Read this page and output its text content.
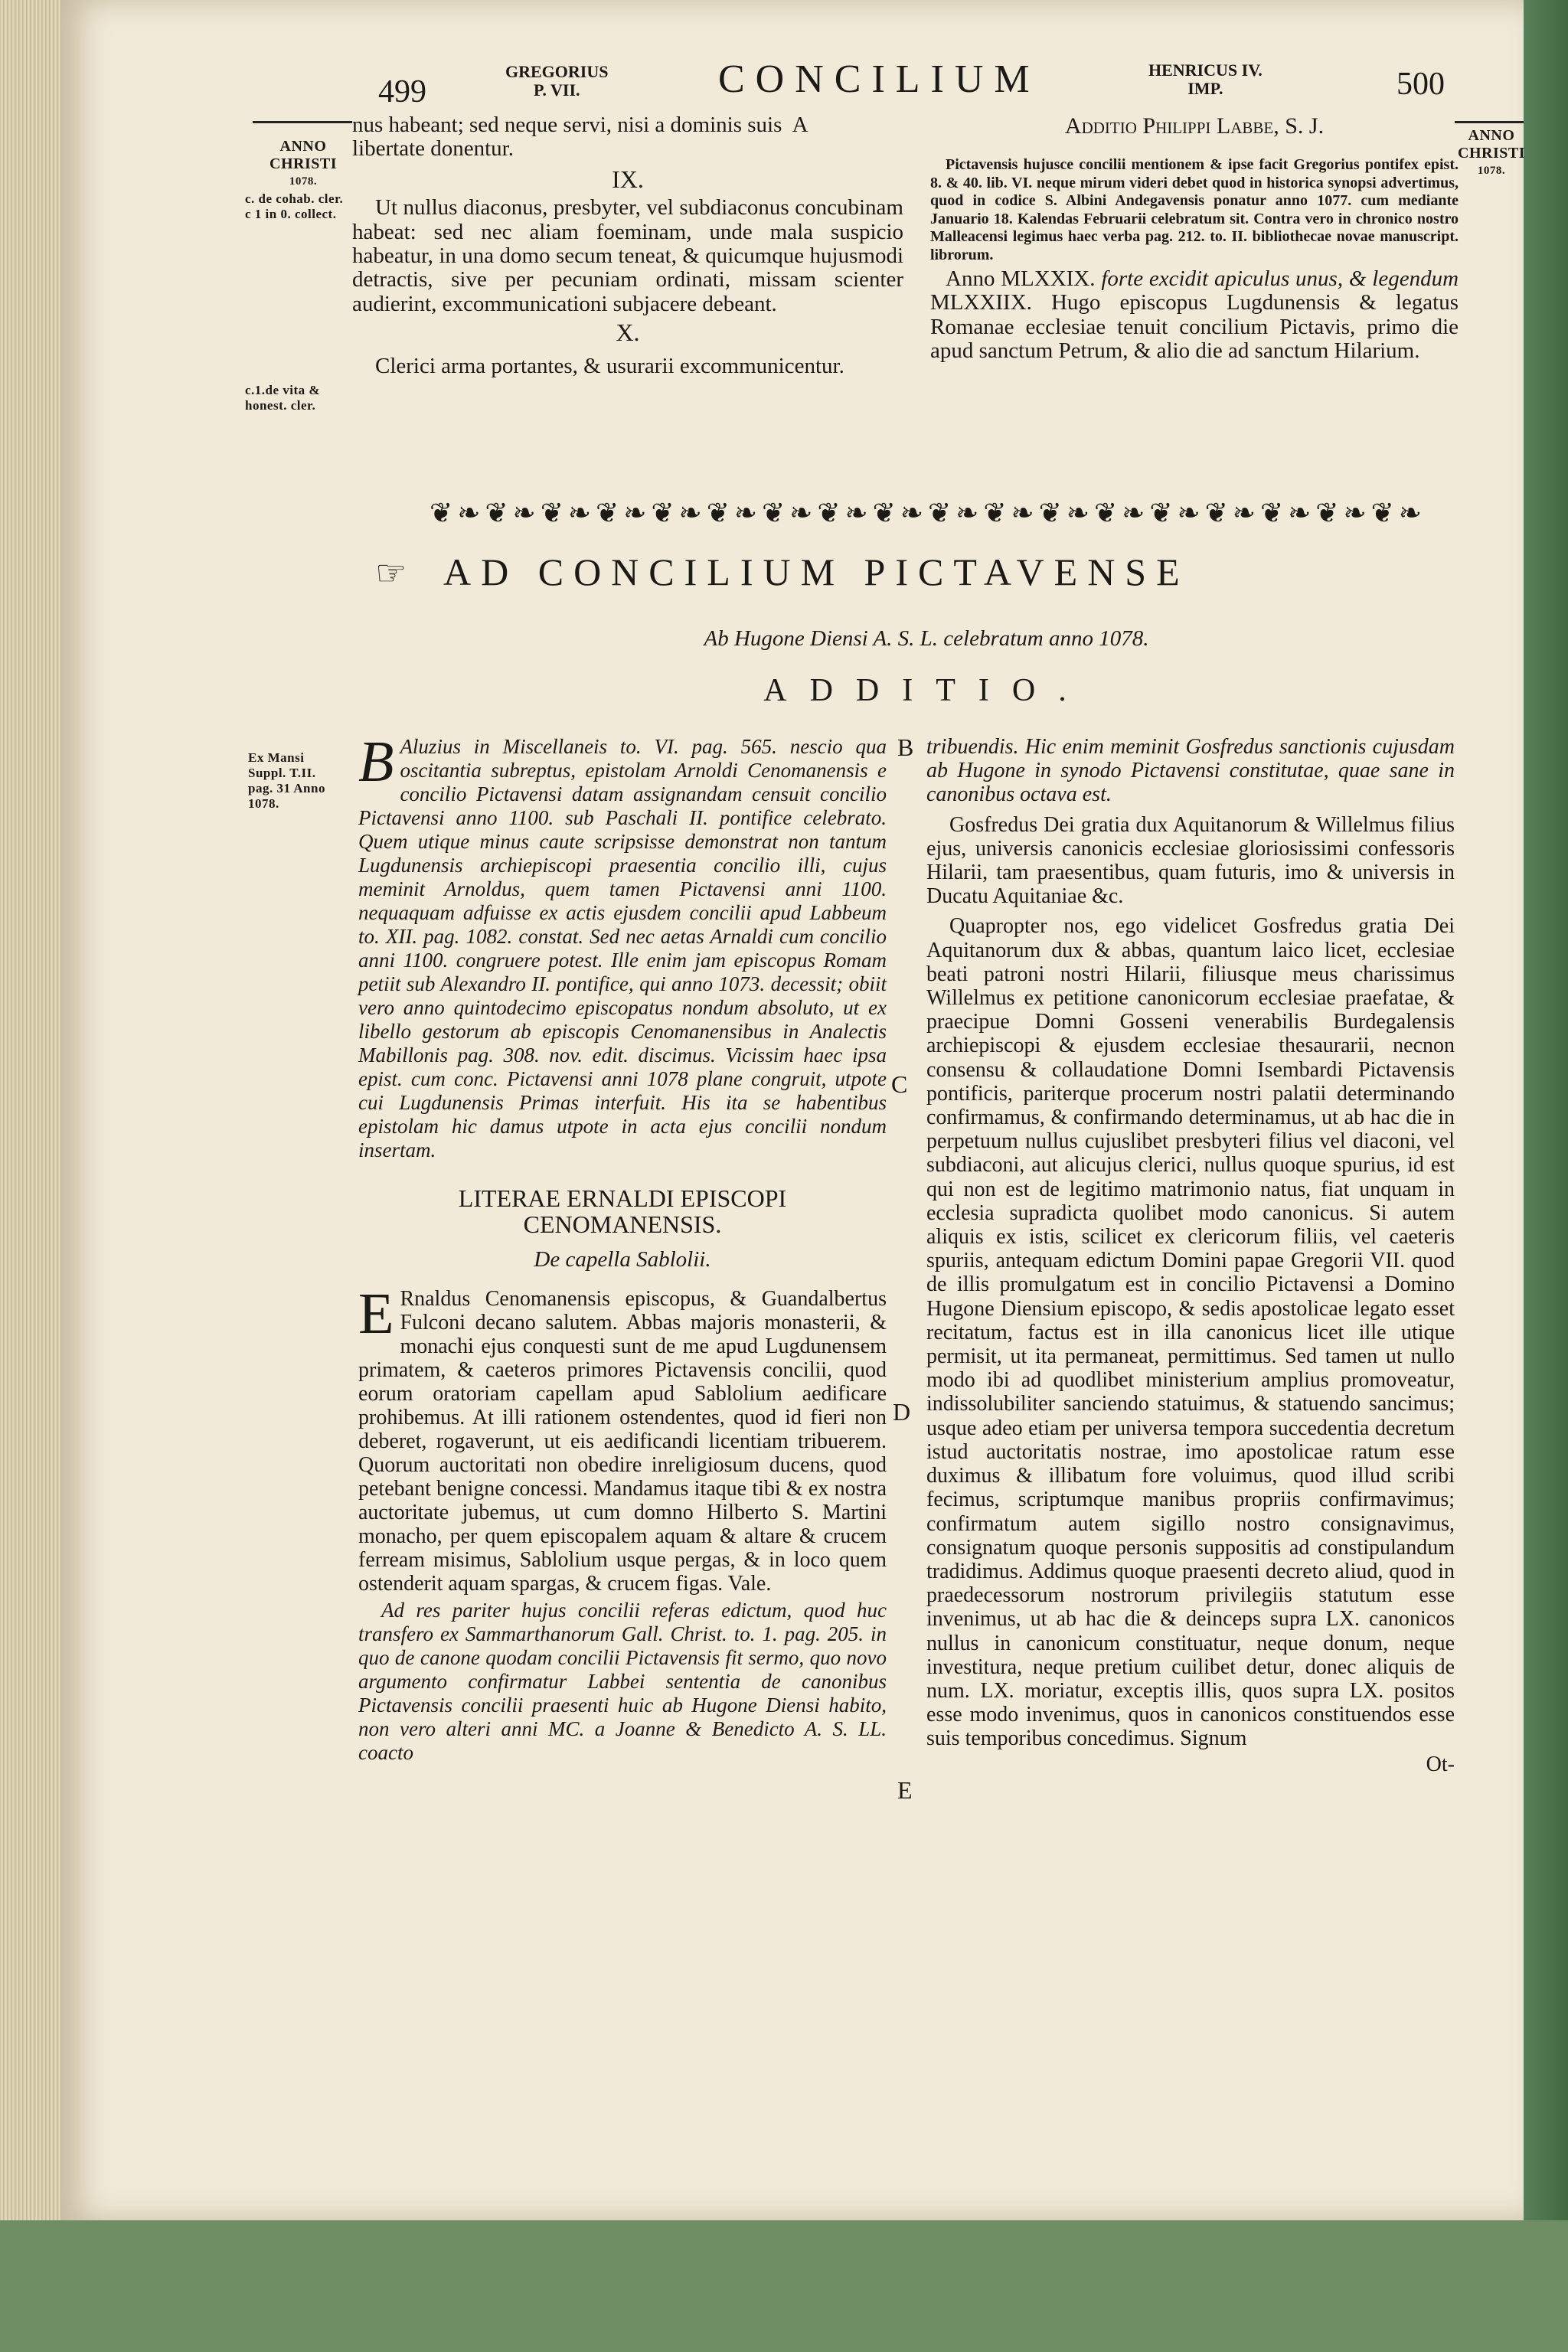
499
GREGORIUS
P. VII.	CONCILIUM	HENRICUS IV.
IMP.	500
ANNO
CHRISTI
1078.
c. de cohab. cler. c 1 in 0. collect.
c.1.de vita & honest. cler.
ANNO
CHRISTI
1078.

nus habeant; sed neque servi, nisi a dominis suis A

libertate donentur.

IX.

Ut nullus diaconus, presbyter, vel subdiaconus concubinam habeat: sed nec aliam foeminam, unde mala suspicio habeatur, in una domo secum teneat, & quicumque hujusmodi detractis, sive per pecuniam ordinati, missam scienter audierint, excommunicationi subjacere debeant.

X.

Clerici arma portantes, & usurarii excommunicentur.

Additio Philippi Labbe, S. J.

Pictavensis hujusce concilii mentionem & ipse facit Gregorius pontifex epist. 8. & 40. lib. VI. neque mirum videri debet quod in historica synopsi advertimus, quod in codice S. Albini Andegavensis ponatur anno 1077. cum mediante Januario 18. Kalendas Februarii celebratum sit. Contra vero in chronico nostro Malleacensi legimus haec verba pag. 212. to. II. bibliothecae novae manuscript. librorum.

Anno MLXXIX. forte excidit apiculus unus, & legendum MLXXIIX. Hugo episcopus Lugdunensis & legatus Romanae ecclesiae tenuit concilium Pictavis, primo die apud sanctum Petrum, & alio die ad sanctum Hilarium.

❦❧❦❧❦❧❦❧❦❧❦❧❦❧❦❧❦❧❦❧❦❧❦❧❦❧❦❧❦❧❦❧❦❧❦❧
☞ AD CONCILIUM PICTAVENSE
Ab Hugone Diensi A. S. L. celebratum anno 1078.
ADDITIO.
Ex Mansi Suppl. T.II. pag. 31 Anno 1078.
B
C
D
E

B Aluzius in Miscellaneis to. VI. pag. 565. nescio qua oscitantia subreptus, epistolam Arnoldi Cenomanensis e concilio Pictavensi datam assignandam censuit concilio Pictavensi anno 1100. sub Paschali II. pontifice celebrato. Quem utique minus caute scripsisse demonstrat non tantum Lugdunensis archiepiscopi praesentia concilio illi, cujus meminit Arnoldus, quem tamen Pictavensi anni 1100. nequaquam adfuisse ex actis ejusdem concilii apud Labbeum to. XII. pag. 1082. constat. Sed nec aetas Arnaldi cum concilio anni 1100. congruere potest. Ille enim jam episcopus Romam petiit sub Alexandro II. pontifice, qui anno 1073. decessit; obiit vero anno quintodecimo episcopatus nondum absoluto, ut ex libello gestorum ab episcopis Cenomanensibus in Analectis Mabillonis pag. 308. nov. edit. discimus. Vicissim haec ipsa epist. cum conc. Pictavensi anni 1078 plane congruit, utpote cui Lugdunensis Primas interfuit. His ita se habentibus epistolam hic damus utpote in acta ejus concilii nondum insertam.

LITERAE ERNALDI EPISCOPI CENOMANENSIS.
De capella Sablolii.

E Rnaldus Cenomanensis episcopus, & Guandalbertus Fulconi decano salutem. Abbas majoris monasterii, & monachi ejus conquesti sunt de me apud Lugdunensem primatem, & caeteros primores Pictavensis concilii, quod eorum oratoriam capellam apud Sablolium aedificare prohibemus. At illi rationem ostendentes, quod id fieri non deberet, rogaverunt, ut eis aedificandi licentiam tribuerem. Quorum auctoritati non obedire inreligiosum ducens, quod petebant benigne concessi. Mandamus itaque tibi & ex nostra auctoritate jubemus, ut cum domno Hilberto S. Martini monacho, per quem episcopalem aquam & altare & crucem ferream misimus, Sablolium usque pergas, & in loco quem ostenderit aquam spargas, & crucem figas. Vale.

Ad res pariter hujus concilii referas edictum, quod huc transfero ex Sammarthanorum Gall. Christ. to. 1. pag. 205. in quo de canone quodam concilii Pictavensis fit sermo, quo novo argumento confirmatur Labbei sententia de canonibus Pictavensis concilii praesenti huic ab Hugone Diensi habito, non vero alteri anni MC. a Joanne & Benedicto A. S. LL. coacto

tribuendis. Hic enim meminit Gosfredus sanctionis cujusdam ab Hugone in synodo Pictavensi constitutae, quae sane in canonibus octava est.

Gosfredus Dei gratia dux Aquitanorum & Willelmus filius ejus, universis canonicis ecclesiae gloriosissimi confessoris Hilarii, tam praesentibus, quam futuris, imo & universis in Ducatu Aquitaniae &c.

Quapropter nos, ego videlicet Gosfredus gratia Dei Aquitanorum dux & abbas, quantum laico licet, ecclesiae beati patroni nostri Hilarii, filiusque meus charissimus Willelmus ex petitione canonicorum ecclesiae praefatae, & praecipue Domni Gosseni venerabilis Burdegalensis archiepiscopi & ejusdem ecclesiae thesaurarii, necnon consensu & collaudatione Domni Isembardi Pictavensis pontificis, pariterque procerum nostri palatii determinando confirmamus, & confirmando determinamus, ut ab hac die in perpetuum nullus cujuslibet presbyteri filius vel diaconi, vel subdiaconi, aut alicujus clerici, nullus quoque spurius, id est qui non est de legitimo matrimonio natus, fiat unquam in ecclesia supradicta quolibet modo canonicus. Si autem aliquis ex istis, scilicet ex clericorum filiis, vel caeteris spuriis, antequam edictum Domini papae Gregorii VII. quod de illis promulgatum est in concilio Pictavensi a Domino Hugone Diensium episcopo, & sedis apostolicae legato esset recitatum, factus est in illa canonicus licet ille utique permisit, ut ita permaneat, permittimus. Sed tamen ut nullo modo ibi ad quodlibet ministerium amplius promoveatur, indissolubiliter sanciendo statuimus, & statuendo sancimus; usque adeo etiam per universa tempora succedentia decretum istud auctoritatis nostrae, imo apostolicae ratum esse duximus & illibatum fore voluimus, quod illud scribi fecimus, scriptumque manibus propriis confirmavimus; confirmatum autem sigillo nostro consignavimus, consignatum quoque personis suppositis ad constipulandum tradidimus. Addimus quoque praesenti decreto aliud, quod in praedecessorum nostrorum privilegiis statutum esse invenimus, ut ab hac die & deinceps supra LX. canonicos nullus in canonicum constituatur, neque donum, neque investitura, neque pretium cuilibet detur, donec aliquis de num. LX. moriatur, exceptis illis, quos supra LX. positos esse modo invenimus, quos in canonicos constituendos esse suis temporibus concedimus. Signum

Ot-
